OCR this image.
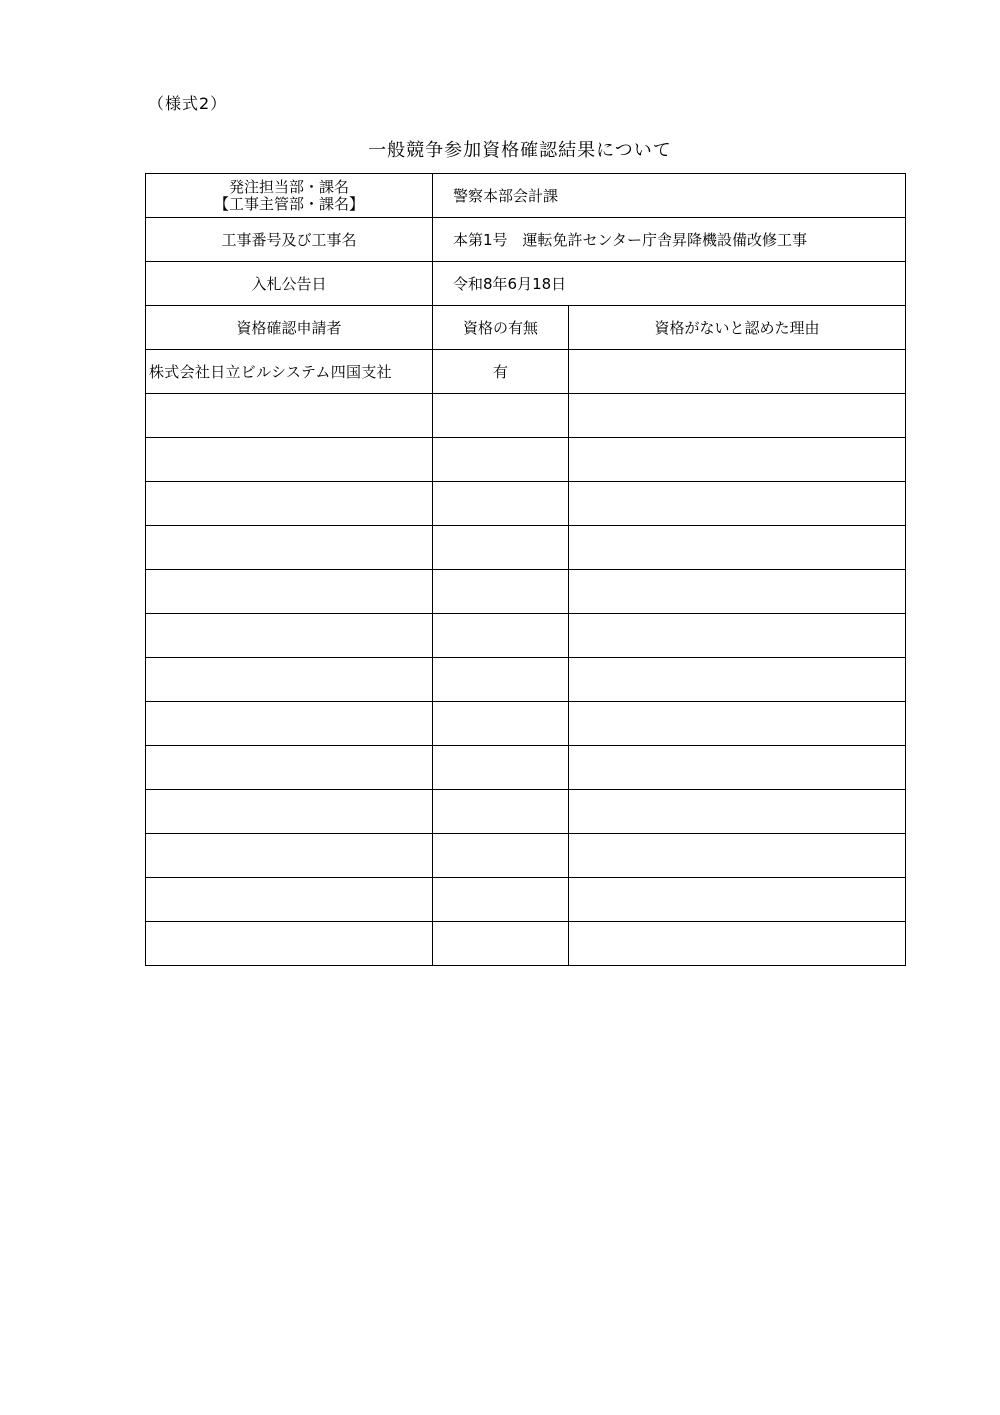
（様式2）
一般競争参加資格確認結果について
発注担当部・課名
【工事主管部・課名】	警察本部会計課	
工事番号及び工事名	本第1号　運転免許センター庁舎昇降機設備改修工事	
入札公告日	令和8年6月18日	
資格確認申請者	資格の有無	資格がないと認めた理由
株式会社日立ビルシステム四国支社	有	
